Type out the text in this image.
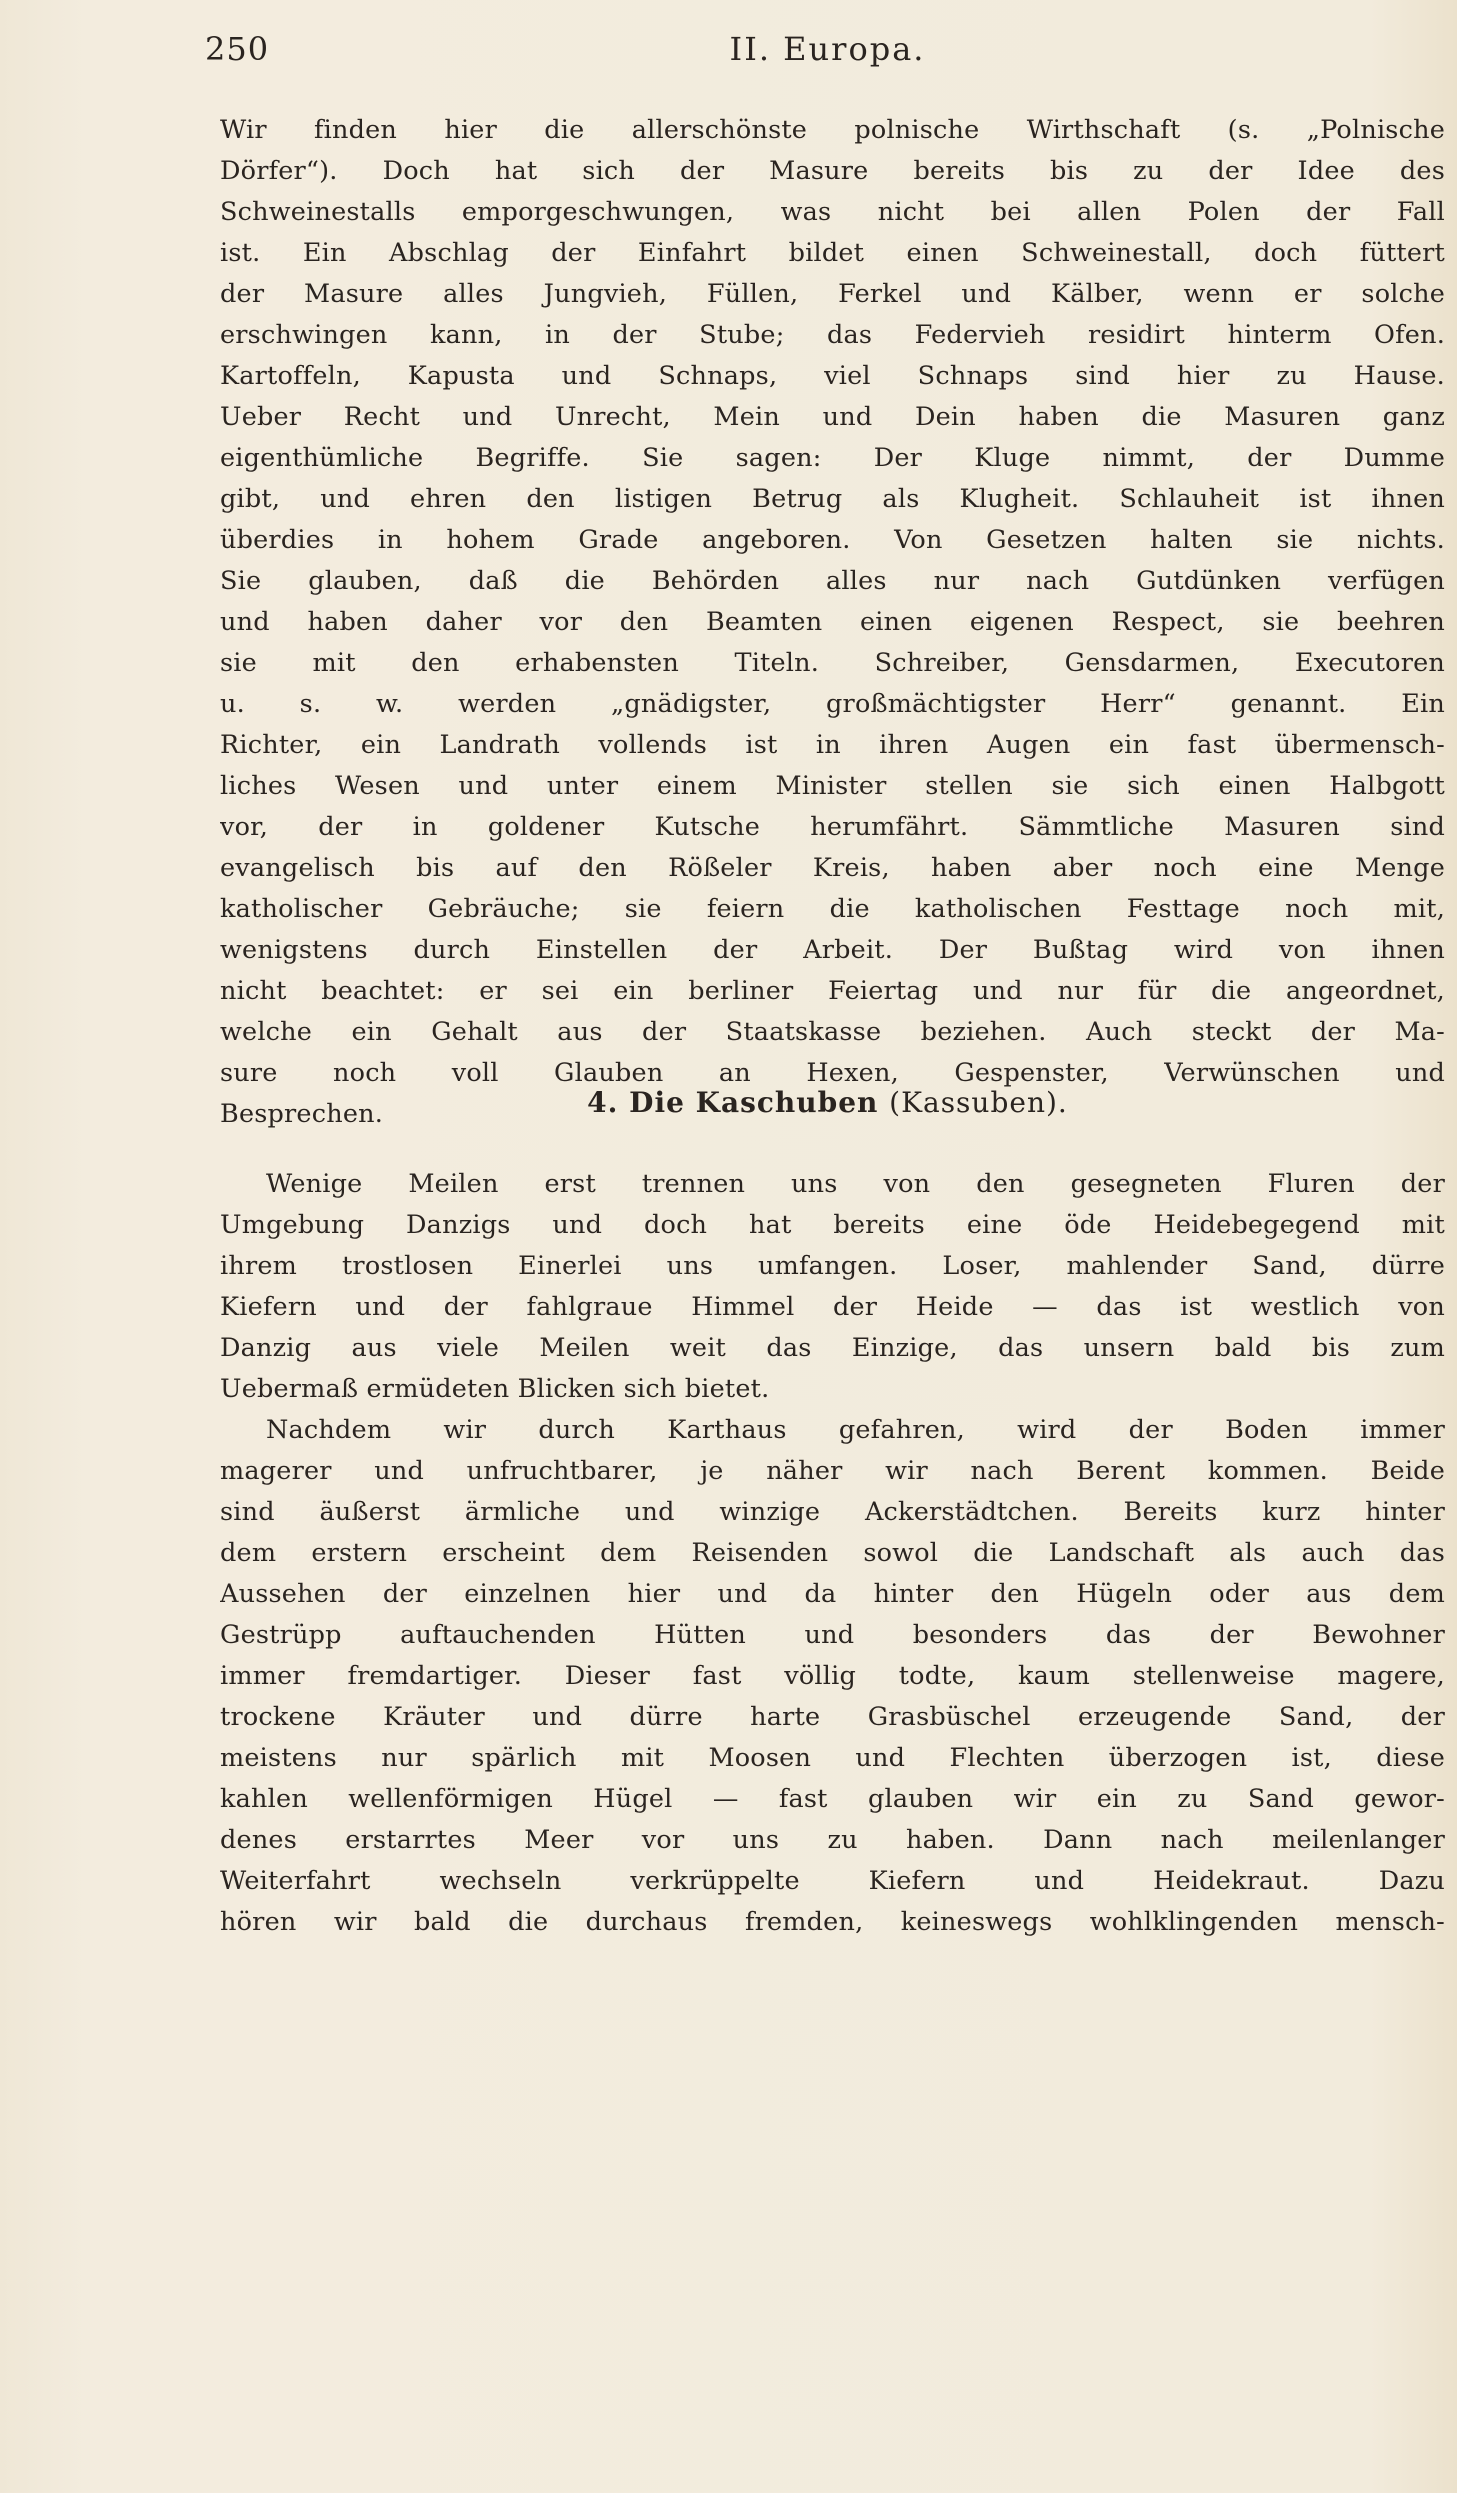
250	II. Europa.
Wir finden hier die allerschönste polnische Wirthschaft (s. „Polnische
Dörfer“). Doch hat sich der Masure bereits bis zu der Idee des
Schweinestalls emporgeschwungen, was nicht bei allen Polen der Fall
ist. Ein Abschlag der Einfahrt bildet einen Schweinestall, doch füttert
der Masure alles Jungvieh, Füllen, Ferkel und Kälber, wenn er solche
erschwingen kann, in der Stube; das Federvieh residirt hinterm Ofen.
Kartoffeln, Kapusta und Schnaps, viel Schnaps sind hier zu Hause.
Ueber Recht und Unrecht, Mein und Dein haben die Masuren ganz
eigenthümliche Begriffe. Sie sagen: Der Kluge nimmt, der Dumme
gibt, und ehren den listigen Betrug als Klugheit. Schlauheit ist ihnen
überdies in hohem Grade angeboren. Von Gesetzen halten sie nichts.
Sie glauben, daß die Behörden alles nur nach Gutdünken verfügen
und haben daher vor den Beamten einen eigenen Respect, sie beehren
sie mit den erhabensten Titeln. Schreiber, Gensdarmen, Executoren
u. s. w. werden „gnädigster, großmächtigster Herr“ genannt. Ein
Richter, ein Landrath vollends ist in ihren Augen ein fast übermensch-
liches Wesen und unter einem Minister stellen sie sich einen Halbgott
vor, der in goldener Kutsche herumfährt. Sämmtliche Masuren sind
evangelisch bis auf den Rößeler Kreis, haben aber noch eine Menge
katholischer Gebräuche; sie feiern die katholischen Festtage noch mit,
wenigstens durch Einstellen der Arbeit. Der Bußtag wird von ihnen
nicht beachtet: er sei ein berliner Feiertag und nur für die angeordnet,
welche ein Gehalt aus der Staatskasse beziehen. Auch steckt der Ma-
sure noch voll Glauben an Hexen, Gespenster, Verwünschen und
Besprechen.	4. Die Kaschuben (Kassuben).
Wenige Meilen erst trennen uns von den gesegneten Fluren der
Umgebung Danzigs und doch hat bereits eine öde Heidebegegend mit
ihrem trostlosen Einerlei uns umfangen. Loser, mahlender Sand, dürre
Kiefern und der fahlgraue Himmel der Heide — das ist westlich von
Danzig aus viele Meilen weit das Einzige, das unsern bald bis zum
Uebermaß ermüdeten Blicken sich bietet.
Nachdem wir durch Karthaus gefahren, wird der Boden immer
magerer und unfruchtbarer, je näher wir nach Berent kommen. Beide
sind äußerst ärmliche und winzige Ackerstädtchen. Bereits kurz hinter
dem erstern erscheint dem Reisenden sowol die Landschaft als auch das
Aussehen der einzelnen hier und da hinter den Hügeln oder aus dem
Gestrüpp auftauchenden Hütten und besonders das der Bewohner
immer fremdartiger. Dieser fast völlig todte, kaum stellenweise magere,
trockene Kräuter und dürre harte Grasbüschel erzeugende Sand, der
meistens nur spärlich mit Moosen und Flechten überzogen ist, diese
kahlen wellenförmigen Hügel — fast glauben wir ein zu Sand gewor-
denes erstarrtes Meer vor uns zu haben. Dann nach meilenlanger
Weiterfahrt wechseln verkrüppelte Kiefern und Heidekraut. Dazu
hören wir bald die durchaus fremden, keineswegs wohlklingenden mensch-
